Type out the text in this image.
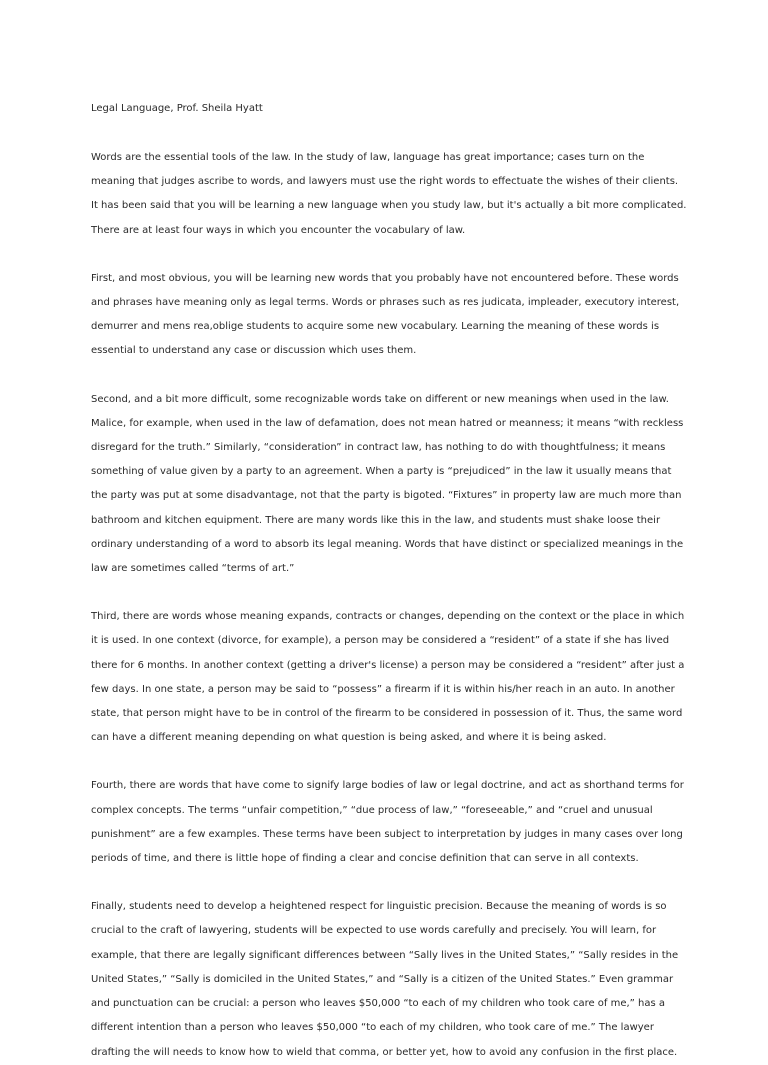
Legal Language, Prof. Sheila Hyatt

Words are the essential tools of the law. In the study of law, language has great importance; cases turn on the meaning that judges ascribe to words, and lawyers must use the right words to effectuate the wishes of their clients. It has been said that you will be learning a new language when you study law, but it's actually a bit more complicated. There are at least four ways in which you encounter the vocabulary of law.

First, and most obvious, you will be learning new words that you probably have not encountered before. These words and phrases have meaning only as legal terms. Words or phrases such as res judicata, impleader, executory interest, demurrer and mens rea,oblige students to acquire some new vocabulary. Learning the meaning of these words is essential to understand any case or discussion which uses them.

Second, and a bit more difficult, some recognizable words take on different or new meanings when used in the law. Malice, for example, when used in the law of defamation, does not mean hatred or meanness; it means “with reckless disregard for the truth.” Similarly, “consideration” in contract law, has nothing to do with thoughtfulness; it means something of value given by a party to an agreement. When a party is “prejudiced” in the law it usually means that the party was put at some disadvantage, not that the party is bigoted. “Fixtures” in property law are much more than bathroom and kitchen equipment. There are many words like this in the law, and students must shake loose their ordinary understanding of a word to absorb its legal meaning. Words that have distinct or specialized meanings in the law are sometimes called “terms of art.”

Third, there are words whose meaning expands, contracts or changes, depending on the context or the place in which it is used. In one context (divorce, for example), a person may be considered a “resident” of a state if she has lived there for 6 months. In another context (getting a driver's license) a person may be considered a “resident” after just a few days. In one state, a person may be said to “possess” a firearm if it is within his/her reach in an auto. In another state, that person might have to be in control of the firearm to be considered in possession of it. Thus, the same word can have a different meaning depending on what question is being asked, and where it is being asked.

Fourth, there are words that have come to signify large bodies of law or legal doctrine, and act as shorthand terms for complex concepts. The terms “unfair competition,” “due process of law,” “foreseeable,” and “cruel and unusual punishment” are a few examples. These terms have been subject to interpretation by judges in many cases over long periods of time, and there is little hope of finding a clear and concise definition that can serve in all contexts.

Finally, students need to develop a heightened respect for linguistic precision. Because the meaning of words is so crucial to the craft of lawyering, students will be expected to use words carefully and precisely. You will learn, for example, that there are legally significant differences between “Sally lives in the United States,” “Sally resides in the United States,” “Sally is domiciled in the United States,” and “Sally is a citizen of the United States.” Even grammar and punctuation can be crucial: a person who leaves $50,000 “to each of my children who took care of me,” has a different intention than a person who leaves $50,000 “to each of my children, who took care of me.” The lawyer drafting the will needs to know how to wield that comma, or better yet, how to avoid any confusion in the first place.
